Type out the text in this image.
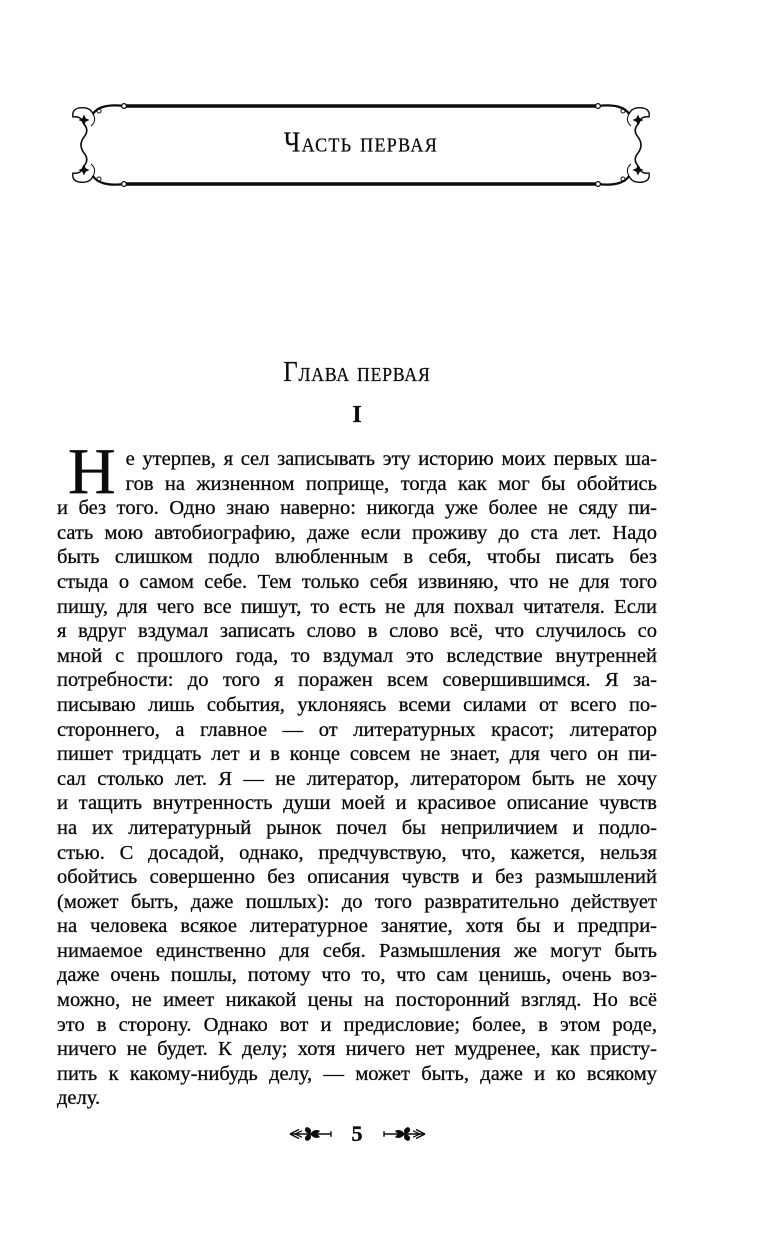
Часть первая
Глава первая
I
Н е утерпев, я сел записывать эту историю моих первых ша-
гов на жизненном поприще, тогда как мог бы обойтись
и без того. Одно знаю наверно: никогда уже более не сяду пи-
сать мою автобиографию, даже если проживу до ста лет. Надо
быть слишком подло влюбленным в себя, чтобы писать без
стыда о самом себе. Тем только себя извиняю, что не для того
пишу, для чего все пишут, то есть не для похвал читателя. Если
я вдруг вздумал записать слово в слово всё, что случилось со
мной с прошлого года, то вздумал это вследствие внутренней
потребности: до того я поражен всем совершившимся. Я за-
писываю лишь события, уклоняясь всеми силами от всего по-
стороннего, а главное — от литературных красот; литератор
пишет тридцать лет и в конце совсем не знает, для чего он пи-
сал столько лет. Я — не литератор, литератором быть не хочу
и тащить внутренность души моей и красивое описание чувств
на их литературный рынок почел бы неприличием и подло-
стью. С досадой, однако, предчувствую, что, кажется, нельзя
обойтись совершенно без описания чувств и без размышлений
(может быть, даже пошлых): до того развратительно действует
на человека всякое литературное занятие, хотя бы и предпри-
нимаемое единственно для себя. Размышления же могут быть
даже очень пошлы, потому что то, что сам ценишь, очень воз-
можно, не имеет никакой цены на посторонний взгляд. Но всё
это в сторону. Однако вот и предисловие; более, в этом роде,
ничего не будет. К делу; хотя ничего нет мудренее, как присту-
пить к какому-нибудь делу, — может быть, даже и ко всякому
делу.
5
